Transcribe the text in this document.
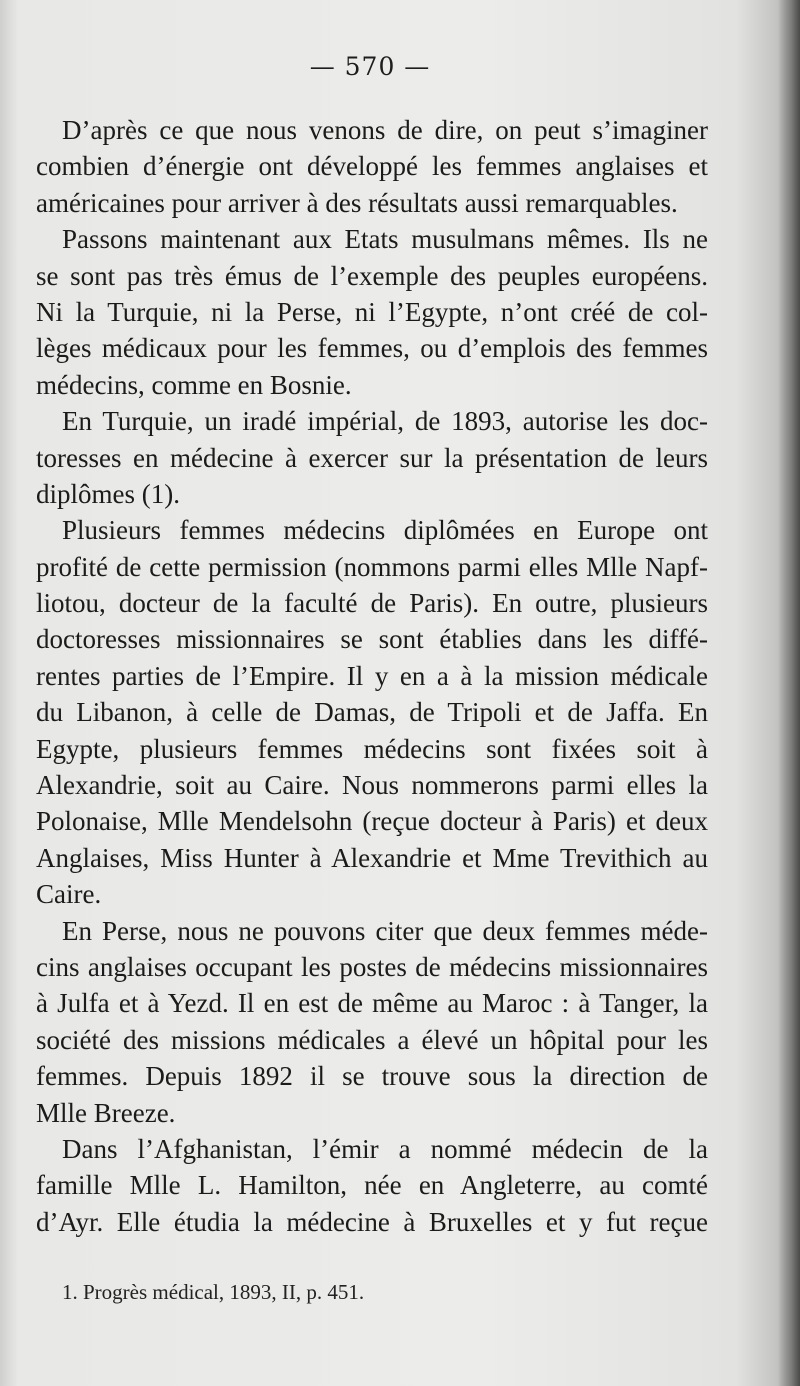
— 570 —
D’après ce que nous venons de dire, on peut s’imaginer
combien d’énergie ont développé les femmes anglaises et
américaines pour arriver à des résultats aussi remarquables.
Passons maintenant aux Etats musulmans mêmes. Ils ne
se sont pas très émus de l’exemple des peuples européens.
Ni la Turquie, ni la Perse, ni l’Egypte, n’ont créé de col-
lèges médicaux pour les femmes, ou d’emplois des femmes
médecins, comme en Bosnie.
En Turquie, un iradé impérial, de 1893, autorise les doc-
toresses en médecine à exercer sur la présentation de leurs
diplômes (1).
Plusieurs femmes médecins diplômées en Europe ont
profité de cette permission (nommons parmi elles Mlle Napf-
liotou, docteur de la faculté de Paris). En outre, plusieurs
doctoresses missionnaires se sont établies dans les diffé-
rentes parties de l’Empire. Il y en a à la mission médicale
du Libanon, à celle de Damas, de Tripoli et de Jaffa. En
Egypte, plusieurs femmes médecins sont fixées soit à
Alexandrie, soit au Caire. Nous nommerons parmi elles la
Polonaise, Mlle Mendelsohn (reçue docteur à Paris) et deux
Anglaises, Miss Hunter à Alexandrie et Mme Trevithich au
Caire.
En Perse, nous ne pouvons citer que deux femmes méde-
cins anglaises occupant les postes de médecins missionnaires
à Julfa et à Yezd. Il en est de même au Maroc : à Tanger, la
société des missions médicales a élevé un hôpital pour les
femmes. Depuis 1892 il se trouve sous la direction de
Mlle Breeze.
Dans l’Afghanistan, l’émir a nommé médecin de la
famille Mlle L. Hamilton, née en Angleterre, au comté
d’Ayr. Elle étudia la médecine à Bruxelles et y fut reçue
1. Progrès médical, 1893, II, p. 451.
